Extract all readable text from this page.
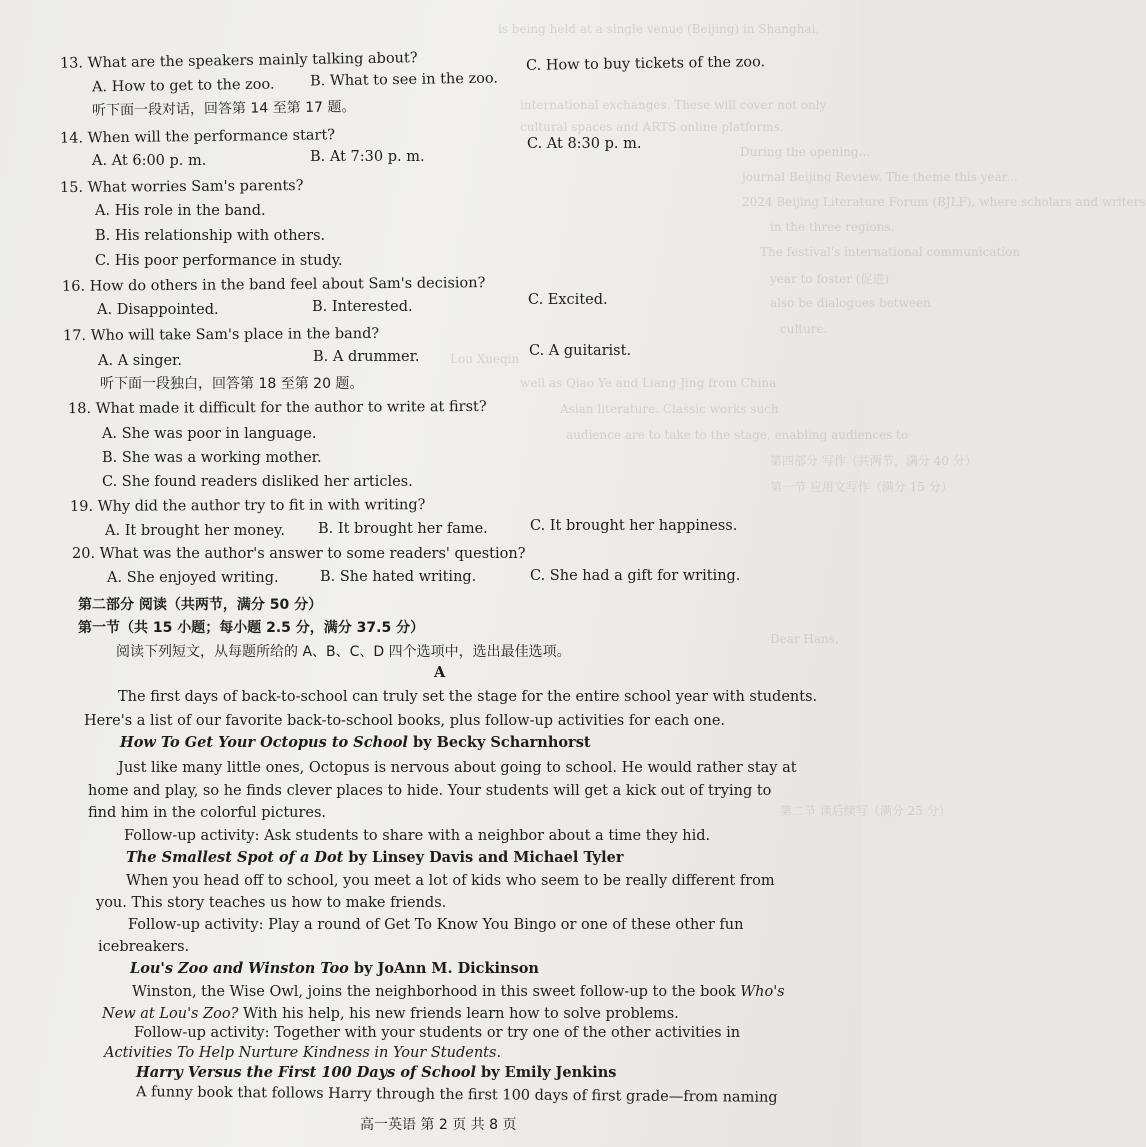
is being held at a single venue (Beijing) in Shanghai,
international exchanges. These will cover not only
cultural spaces and ARTS online platforms.
During the opening...
journal Beijing Review. The theme this year...
2024 Beijing Literature Forum (BJLF), where scholars and writers
in the three regions.
The festival's international communication
year to foster (促进)
also be dialogues between
culture.
Lou Xueqin
well as Qiao Ye and Liang Jing from China
Asian literature. Classic works such
audience are to take to the stage, enabling audiences to
第四部分 写作（共两节，满分 40 分）
第一节 应用文写作（满分 15 分）
Dear Hans,
第二节 读后续写（满分 25 分）
13. What are the speakers mainly talking about?
A. How to get to the zoo. B. What to see in the zoo.
C. How to buy tickets of the zoo.
听下面一段对话，回答第 14 至第 17 题。
14. When will the performance start?
A. At 6:00 p. m.	B. At 7:30 p. m.
C. At 8:30 p. m.
15. What worries Sam's parents?
A. His role in the band.
B. His relationship with others.
C. His poor performance in study.
16. How do others in the band feel about Sam's decision?
A. Disappointed.	B. Interested.	C. Excited.
17. Who will take Sam's place in the band?
A. A singer.	B. A drummer.	C. A guitarist.
听下面一段独白，回答第 18 至第 20 题。
18. What made it difficult for the author to write at first?
A. She was poor in language.
B. She was a working mother.
C. She found readers disliked her articles.
19. Why did the author try to fit in with writing?
A. It brought her money. B. It brought her fame.	C. It brought her happiness.
20. What was the author's answer to some readers' question?
A. She enjoyed writing.	B. She hated writing.	C. She had a gift for writing.
第二部分 阅读（共两节，满分 50 分）
第一节（共 15 小题；每小题 2.5 分，满分 37.5 分）
阅读下列短文，从每题所给的 A、B、C、D 四个选项中，选出最佳选项。
A
The first days of back-to-school can truly set the stage for the entire school year with students.
Here's a list of our favorite back-to-school books, plus follow-up activities for each one.
How To Get Your Octopus to School by Becky Scharnhorst
Just like many little ones, Octopus is nervous about going to school. He would rather stay at
home and play, so he finds clever places to hide. Your students will get a kick out of trying to
find him in the colorful pictures.
Follow-up activity: Ask students to share with a neighbor about a time they hid.
The Smallest Spot of a Dot by Linsey Davis and Michael Tyler
When you head off to school, you meet a lot of kids who seem to be really different from
you. This story teaches us how to make friends.
Follow-up activity: Play a round of Get To Know You Bingo or one of these other fun
icebreakers.
Lou's Zoo and Winston Too by JoAnn M. Dickinson
Winston, the Wise Owl, joins the neighborhood in this sweet follow-up to the book Who's
New at Lou's Zoo? With his help, his new friends learn how to solve problems.
Follow-up activity: Together with your students or try one of the other activities in
Activities To Help Nurture Kindness in Your Students.
Harry Versus the First 100 Days of School by Emily Jenkins
A funny book that follows Harry through the first 100 days of first grade—from naming
高一英语 第 2 页 共 8 页
